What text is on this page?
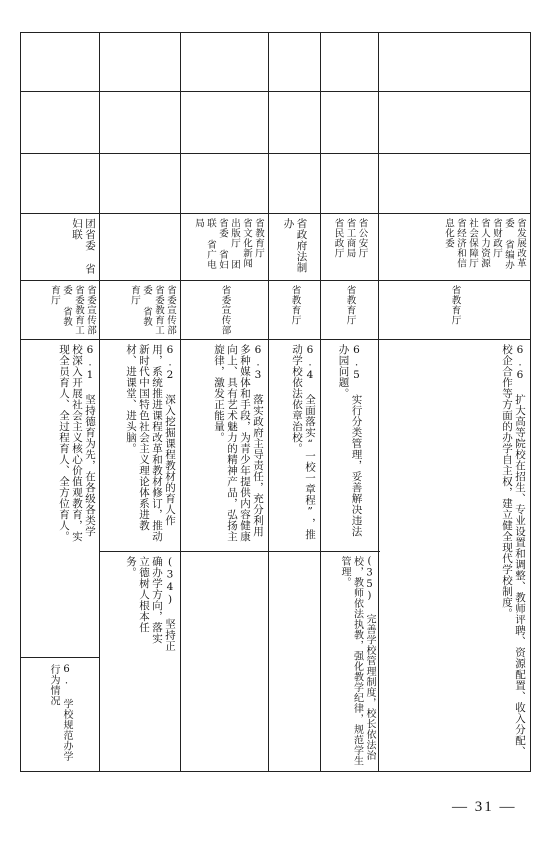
6. 学校规范办学行为情况
6.1 坚持德育为先，在各级各类学校深入开展社会主义核心价值观教育，实现全员育人、全过程育人、全方位育人。
省委宣传部 省委教育工委 省教育厅
团省委 省妇联
6.2 深入挖掘课程教材的育人作用，系统推进课程改革和教材修订，推动新时代中国特色社会主义理论体系进教材、进课堂、进头脑。
省委宣传部 省委教育工委 省教育厅
6.3 落实政府主导责任，充分利用多种媒体和手段，为青少年提供内容健康向上、具有艺术魅力的精神产品，弘扬主旋律，激发正能量。
省委宣传部
省教育厅 省文化新闻出版厅 团省委 省妇联 省广电局
(34) 坚持正确办学方向，落实立德树人根本任务。
6.4 全面落实“一校一章程”，推动学校依法依章治校。
省教育厅
省政府法制办
6.5 实行分类管理，妥善解决违法办园问题。
省教育厅
省公安厅 省工商局 省民政厅
6.6 扩大高等院校在招生、专业设置和调整、教师评聘、资源配置、收入分配、校企合作等方面的办学自主权，建立健全现代学校制度。
省教育厅
省发展改革委 省编办 省财政厅 省人力资源社会保障厅 省经济和信息化委
(35) 完善学校管理制度，校长依法治校，教师依法执教，强化教学纪律，规范学生管理。
— 31 —
